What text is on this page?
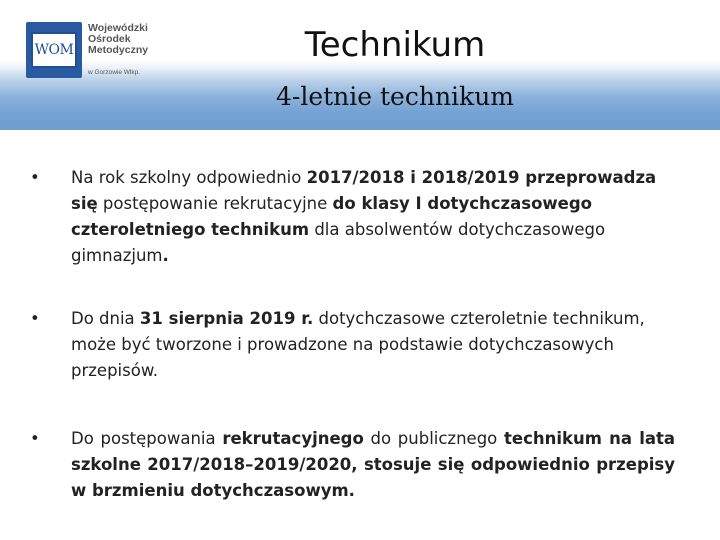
WOM
Wojewódzki
Ośrodek
Metodyczny
w Gorzowie Wlkp.
Technikum
4-letnie technikum

• Na rok szkolny odpowiednio 2017/2018 i 2018/2019 przeprowadza się postępowanie rekrutacyjne do klasy I dotychczasowego czteroletniego technikum dla absolwentów dotychczasowego gimnazjum.

• Do dnia 31 sierpnia 2019 r. dotychczasowe czteroletnie technikum, może być tworzone i prowadzone na podstawie dotychczasowych przepisów.

• Do postępowania rekrutacyjnego do publicznego technikum na lata szkolne 2017/2018–2019/2020, stosuje się odpowiednio przepisy w brzmieniu dotychczasowym.
